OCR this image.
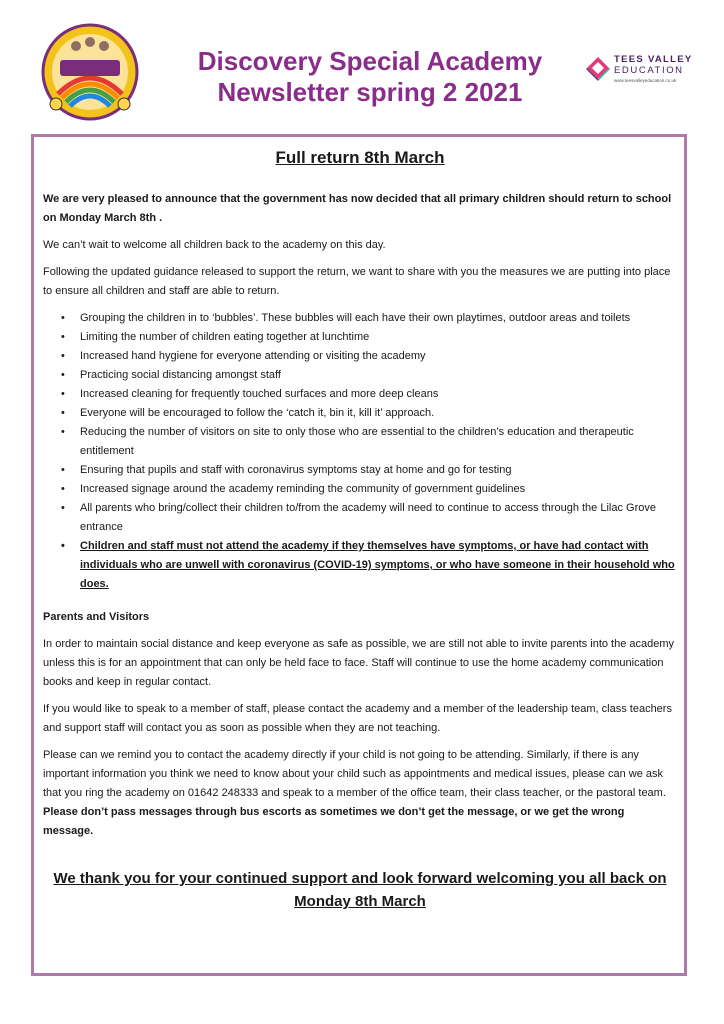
Discovery Special Academy
Newsletter spring 2 2021
TEES VALLEY
EDUCATION
www.teesvalleyeducation.co.uk
Full return 8th March

We are very pleased to announce that the government has now decided that all primary children should return to school on Monday March 8th .

We can’t wait to welcome all children back to the academy on this day.

Following the updated guidance released to support the return, we want to share with you the measures we are putting into place to ensure all children and staff are able to return.

• Grouping the children in to ‘bubbles’. These bubbles will each have their own playtimes, outdoor areas and toilets
• Limiting the number of children eating together at lunchtime
• Increased hand hygiene for everyone attending or visiting the academy
• Practicing social distancing amongst staff
• Increased cleaning for frequently touched surfaces and more deep cleans
• Everyone will be encouraged to follow the ‘catch it, bin it, kill it’ approach.
• Reducing the number of visitors on site to only those who are essential to the children’s education and therapeutic entitlement
• Ensuring that pupils and staff with coronavirus symptoms stay at home and go for testing
• Increased signage around the academy reminding the community of government guidelines
• All parents who bring/collect their children to/from the academy will need to continue to access through the Lilac Grove entrance
• Children and staff must not attend the academy if they themselves have symptoms, or have had contact with individuals who are unwell with coronavirus (COVID-19) symptoms, or who have someone in their household who does.
Parents and Visitors

In order to maintain social distance and keep everyone as safe as possible, we are still not able to invite parents into the academy unless this is for an appointment that can only be held face to face. Staff will continue to use the home academy communication books and keep in regular contact.

If you would like to speak to a member of staff, please contact the academy and a member of the leadership team, class teachers and support staff will contact you as soon as possible when they are not teaching.

Please can we remind you to contact the academy directly if your child is not going to be attending. Similarly, if there is any important information you think we need to know about your child such as appointments and medical issues, please can we ask that you ring the academy on 01642 248333 and speak to a member of the office team, their class teacher, or the pastoral team. Please don’t pass messages through bus escorts as sometimes we don’t get the message, or we get the wrong message.

We thank you for your continued support and look forward welcoming you all back on Monday 8th March
